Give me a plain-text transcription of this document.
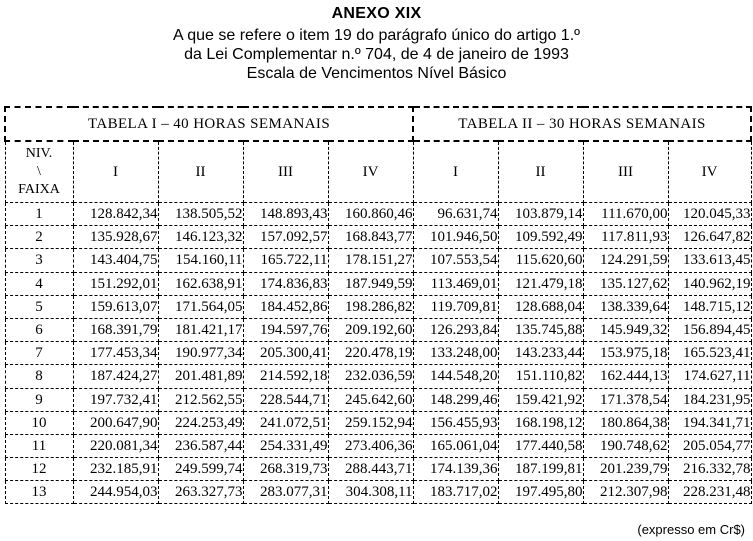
ANEXO XIX
A que se refere o item 19 do parágrafo único do artigo 1.º
da Lei Complementar n.º 704, de 4 de janeiro de 1993
Escala de Vencimentos Nível Básico
TABELA I – 40 HORAS SEMANAIS					TABELA II – 30 HORAS SEMANAIS			

NIV.
\
FAIXA	I	II	III	IV	I	II	III	IV
1	128.842,34	138.505,52	148.893,43	160.860,46	96.631,74	103.879,14	111.670,00	120.045,33
2	135.928,67	146.123,32	157.092,57	168.843,77	101.946,50	109.592,49	117.811,93	126.647,82
3	143.404,75	154.160,11	165.722,11	178.151,27	107.553,54	115.620,60	124.291,59	133.613,45
4	151.292,01	162.638,91	174.836,83	187.949,59	113.469,01	121.479,18	135.127,62	140.962,19
5	159.613,07	171.564,05	184.452,86	198.286,82	119.709,81	128.688,04	138.339,64	148.715,12
6	168.391,79	181.421,17	194.597,76	209.192,60	126.293,84	135.745,88	145.949,32	156.894,45
7	177.453,34	190.977,34	205.300,41	220.478,19	133.248,00	143.233,44	153.975,18	165.523,41
8	187.424,27	201.481,89	214.592,18	232.036,59	144.548,20	151.110,82	162.444,13	174.627,11
9	197.732,41	212.562,55	228.544,71	245.642,60	148.299,46	159.421,92	171.378,54	184.231,95
10	200.647,90	224.253,49	241.072,51	259.152,94	156.455,93	168.198,12	180.864,38	194.341,71
11	220.081,34	236.587,44	254.331,49	273.406,36	165.061,04	177.440,58	190.748,62	205.054,77
12	232.185,91	249.599,74	268.319,73	288.443,71	174.139,36	187.199,81	201.239,79	216.332,78
13	244.954,03	263.327,73	283.077,31	304.308,11	183.717,02	197.495,80	212.307,98	228.231,48
(expresso em Cr$)
